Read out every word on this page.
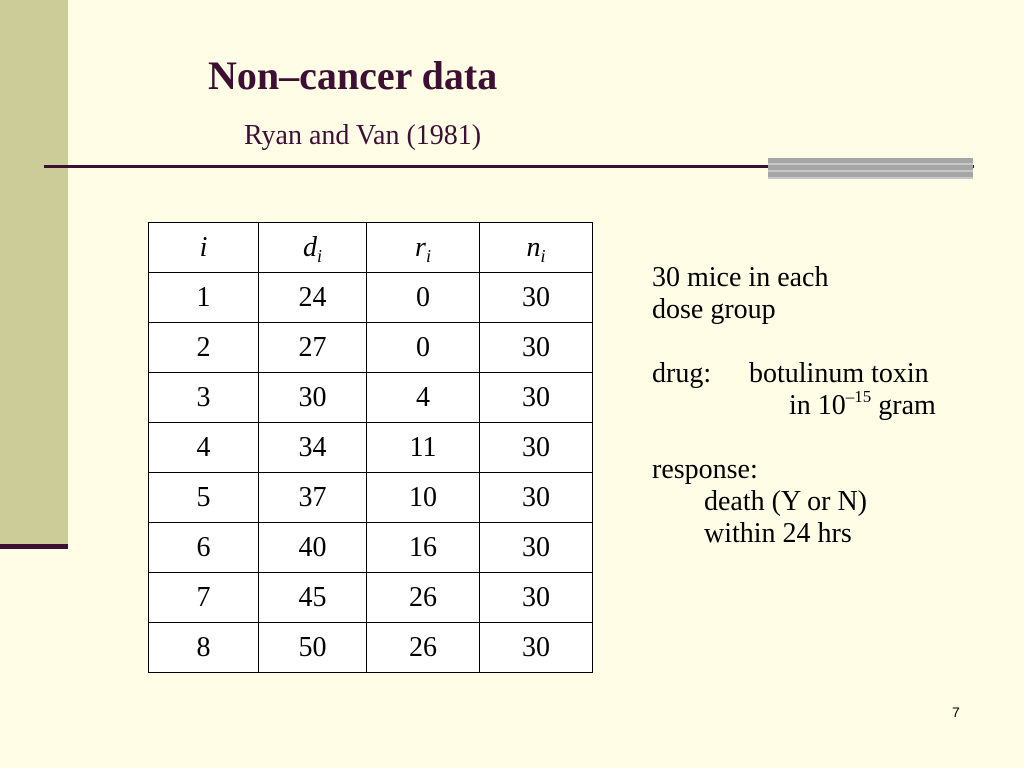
Non–cancer data
Ryan and Van (1981)
i	$d_i$	$r_i$	$n_i$
1	24	0	30
2	27	0	30
3	30	4	30
4	34	11	30
5	37	10	30
6	40	16	30
7	45	26	30
8	50	26	30
30 mice in each
dose group
drug: botulinum toxin
in $10^{-15}$ gram
response:
death (Y or N)
within 24 hrs
7
